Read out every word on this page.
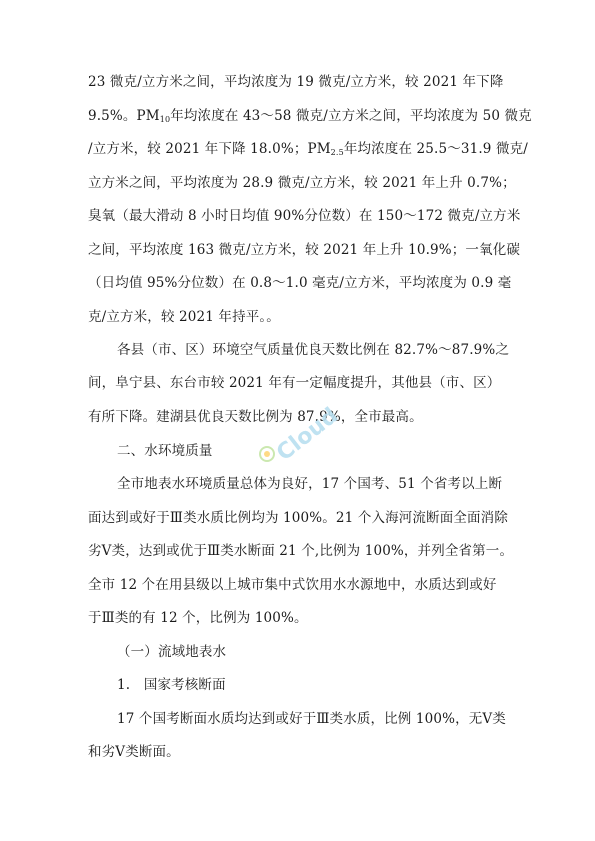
23 微克/立方米之间，平均浓度为 19 微克/立方米，较 2021 年下降
9.5%。$PM_{10}$年均浓度在 43～58 微克/立方米之间，平均浓度为 50 微克
/立方米，较 2021 年下降 18.0%；$PM_{2.5}$年均浓度在 25.5～31.9 微克/
立方米之间，平均浓度为 28.9 微克/立方米，较 2021 年上升 0.7%；
臭氧（最大滑动 8 小时日均值 90%分位数）在 150～172 微克/立方米
之间，平均浓度 163 微克/立方米，较 2021 年上升 10.9%；一氧化碳
（日均值 95%分位数）在 0.8～1.0 毫克/立方米，平均浓度为 0.9 毫
克/立方米，较 2021 年持平。。
各县（市、区）环境空气质量优良天数比例在 82.7%～87.9%之
间，阜宁县、东台市较 2021 年有一定幅度提升，其他县（市、区）
有所下降。建湖县优良天数比例为 87.9%，全市最高。
二、水环境质量
全市地表水环境质量总体为良好，17 个国考、51 个省考以上断
面达到或好于Ⅲ类水质比例均为 100%。21 个入海河流断面全面消除
劣Ⅴ类，达到或优于Ⅲ类水断面 21 个,比例为 100%，并列全省第一。
全市 12 个在用县级以上城市集中式饮用水水源地中，水质达到或好
于Ⅲ类的有 12 个，比例为 100%。
（一）流域地表水
1.　国家考核断面
17 个国考断面水质均达到或好于Ⅲ类水质，比例 100%，无Ⅴ类
和劣Ⅴ类断面。
Cloud
